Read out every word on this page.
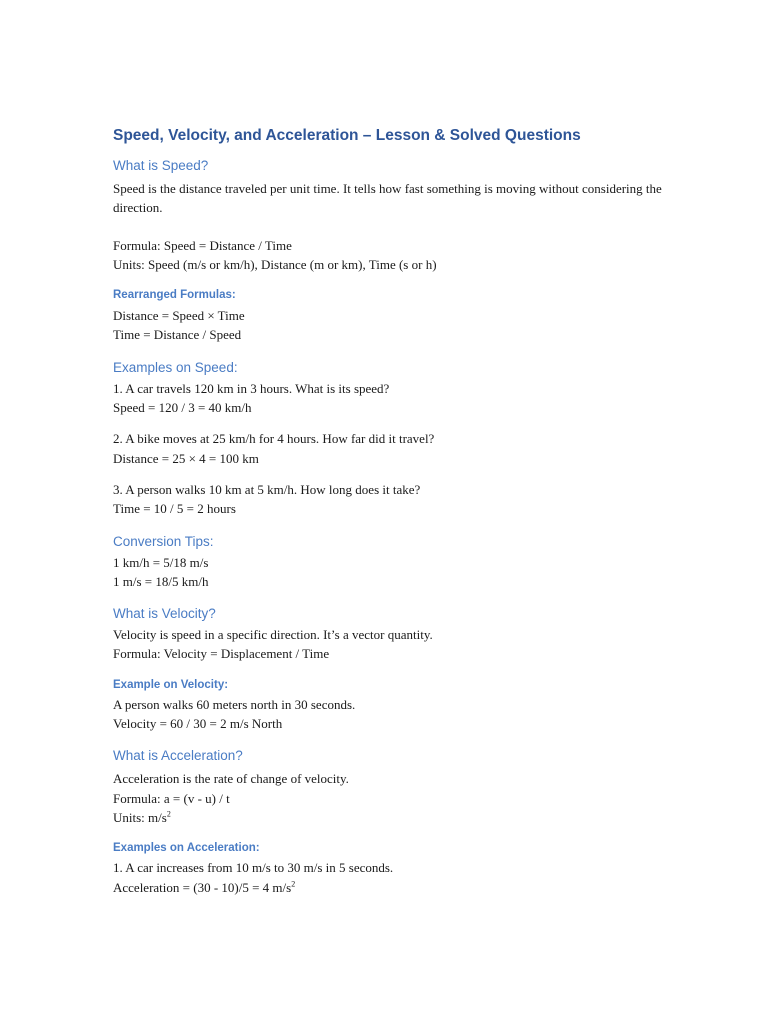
Speed, Velocity, and Acceleration – Lesson & Solved Questions
What is Speed?

Speed is the distance traveled per unit time. It tells how fast something is moving without considering the direction.

Formula: Speed = Distance / Time

Units: Speed (m/s or km/h), Distance (m or km), Time (s or h)

Rearranged Formulas:

Distance = Speed × Time

Time = Distance / Speed

Examples on Speed:

1. A car travels 120 km in 3 hours. What is its speed?

Speed = 120 / 3 = 40 km/h

2. A bike moves at 25 km/h for 4 hours. How far did it travel?

Distance = 25 × 4 = 100 km

3. A person walks 10 km at 5 km/h. How long does it take?

Time = 10 / 5 = 2 hours

Conversion Tips:

1 km/h = 5/18 m/s

1 m/s = 18/5 km/h

What is Velocity?

Velocity is speed in a specific direction. It’s a vector quantity.

Formula: Velocity = Displacement / Time

Example on Velocity:

A person walks 60 meters north in 30 seconds.

Velocity = 60 / 30 = 2 m/s North

What is Acceleration?

Acceleration is the rate of change of velocity.

Formula: a = (v - u) / t

Units: $m/s^2$

Examples on Acceleration:

1. A car increases from 10 m/s to 30 m/s in 5 seconds.

Acceleration = (30 - 10)/5 = 4 $m/s^2$
